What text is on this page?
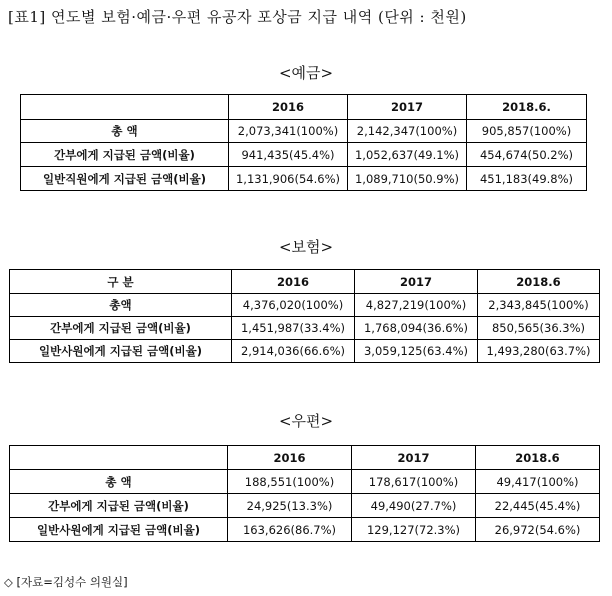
[표1] 연도별 보험·예금·우편 유공자 포상금 지급 내역 (단위 : 천원)
<예금>
	2016	2017	2018.6.
총 액	2,073,341(100%)	2,142,347(100%)	905,857(100%)
간부에게 지급된 금액(비율)	941,435(45.4%)	1,052,637(49.1%)	454,674(50.2%)
일반직원에게 지급된 금액(비율)	1,131,906(54.6%)	1,089,710(50.9%)	451,183(49.8%)
<보험>
구 분	2016	2017	2018.6
총액	4,376,020(100%)	4,827,219(100%)	2,343,845(100%)
간부에게 지급된 금액(비율)	1,451,987(33.4%)	1,768,094(36.6%)	850,565(36.3%)
일반사원에게 지급된 금액(비율)	2,914,036(66.6%)	3,059,125(63.4%)	1,493,280(63.7%)
<우편>
	2016	2017	2018.6
총 액	188,551(100%)	178,617(100%)	49,417(100%)
간부에게 지급된 금액(비율)	24,925(13.3%)	49,490(27.7%)	22,445(45.4%)
일반사원에게 지급된 금액(비율)	163,626(86.7%)	129,127(72.3%)	26,972(54.6%)
◇ [자료=김성수 의원실]
